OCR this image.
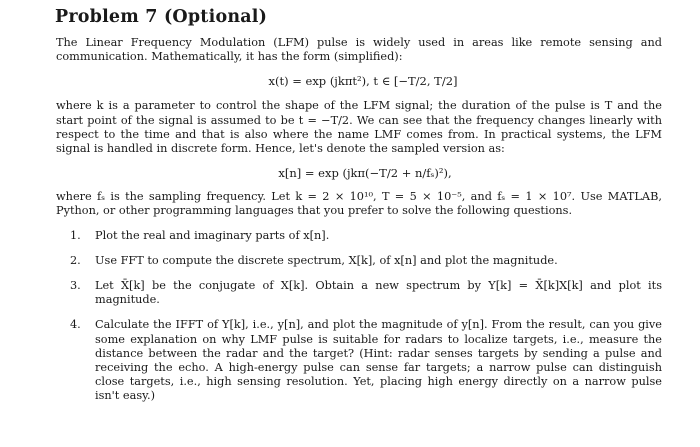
Problem 7 (Optional)

The Linear Frequency Modulation (LFM) pulse is widely used in areas like remote sensing and communication. Mathematically, it has the form (simplified):

x(t) = exp (jkπt²), t ∈ [−T/2, T/2]

where k is a parameter to control the shape of the LFM signal; the duration of the pulse is T and the start point of the signal is assumed to be t = −T/2. We can see that the frequency changes linearly with respect to the time and that is also where the name LMF comes from. In practical systems, the LFM signal is handled in discrete form. Hence, let's denote the sampled version as:

x[n] = exp (jkπ(−T/2 + n/fₛ)²),

where fₛ is the sampling frequency. Let k = 2 × 10¹⁰, T = 5 × 10⁻⁵, and fₛ = 1 × 10⁷. Use MATLAB, Python, or other programming languages that you prefer to solve the following questions.

1. Plot the real and imaginary parts of x[n].
2. Use FFT to compute the discrete spectrum, X[k], of x[n] and plot the magnitude.
3. Let X̄[k] be the conjugate of X[k]. Obtain a new spectrum by Y[k] = X̄[k]X[k] and plot its magnitude.
4. Calculate the IFFT of Y[k], i.e., y[n], and plot the magnitude of y[n]. From the result, can you give some explanation on why LMF pulse is suitable for radars to localize targets, i.e., measure the distance between the radar and the target? (Hint: radar senses targets by sending a pulse and receiving the echo. A high-energy pulse can sense far targets; a narrow pulse can distinguish close targets, i.e., high sensing resolution. Yet, placing high energy directly on a narrow pulse isn't easy.)
